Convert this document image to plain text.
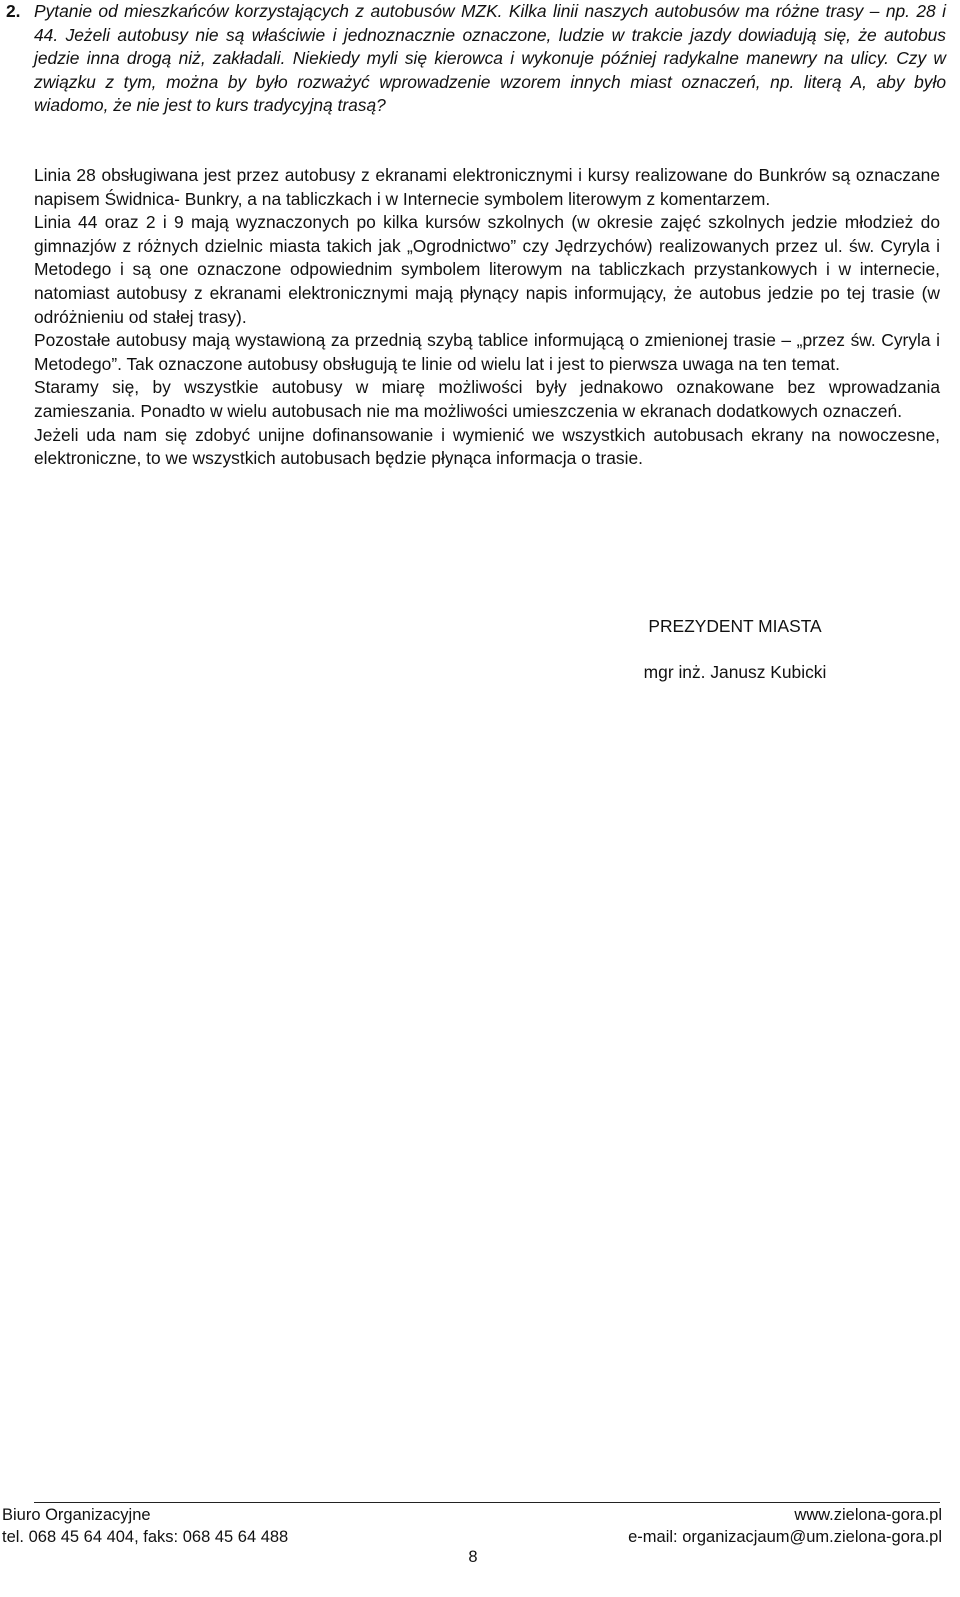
2. Pytanie od mieszkańców korzystających z autobusów MZK. Kilka linii naszych autobusów ma różne trasy – np. 28 i 44. Jeżeli autobusy nie są właściwie i jednoznacznie oznaczone, ludzie w trakcie jazdy dowiadują się, że autobus jedzie inna drogą niż, zakładali. Niekiedy myli się kierowca i wykonuje później radykalne manewry na ulicy. Czy w związku z tym, można by było rozważyć wprowadzenie wzorem innych miast oznaczeń, np. literą A, aby było wiadomo, że nie jest to kurs tradycyjną trasą?

Linia 28 obsługiwana jest przez autobusy z ekranami elektronicznymi i kursy realizowane do Bunkrów są oznaczane napisem Świdnica- Bunkry, a na tabliczkach i w Internecie symbolem literowym z komentarzem.

Linia 44 oraz 2 i 9 mają wyznaczonych po kilka kursów szkolnych (w okresie zajęć szkolnych jedzie młodzież do gimnazjów z różnych dzielnic miasta takich jak „Ogrodnictwo” czy Jędrzychów) realizowanych przez ul. św. Cyryla i Metodego i są one oznaczone odpowiednim symbolem literowym na tabliczkach przystankowych i w internecie, natomiast autobusy z ekranami elektronicznymi mają płynący napis informujący, że autobus jedzie po tej trasie (w odróżnieniu od stałej trasy).

Pozostałe autobusy mają wystawioną za przednią szybą tablice informującą o zmienionej trasie – „przez św. Cyryla i Metodego”. Tak oznaczone autobusy obsługują te linie od wielu lat i jest to pierwsza uwaga na ten temat.

Staramy się, by wszystkie autobusy w miarę możliwości były jednakowo oznakowane bez wprowadzania zamieszania. Ponadto w wielu autobusach nie ma możliwości umieszczenia w ekranach dodatkowych oznaczeń.

Jeżeli uda nam się zdobyć unijne dofinansowanie i wymienić we wszystkich autobusach ekrany na nowoczesne, elektroniczne, to we wszystkich autobusach będzie płynąca informacja o trasie.

PREZYDENT MIASTA
mgr inż. Janusz Kubicki
Biuro Organizacyjne
tel. 068 45 64 404, faks: 068 45 64 488
www.zielona-gora.pl
e-mail: organizacjaum@um.zielona-gora.pl
8
